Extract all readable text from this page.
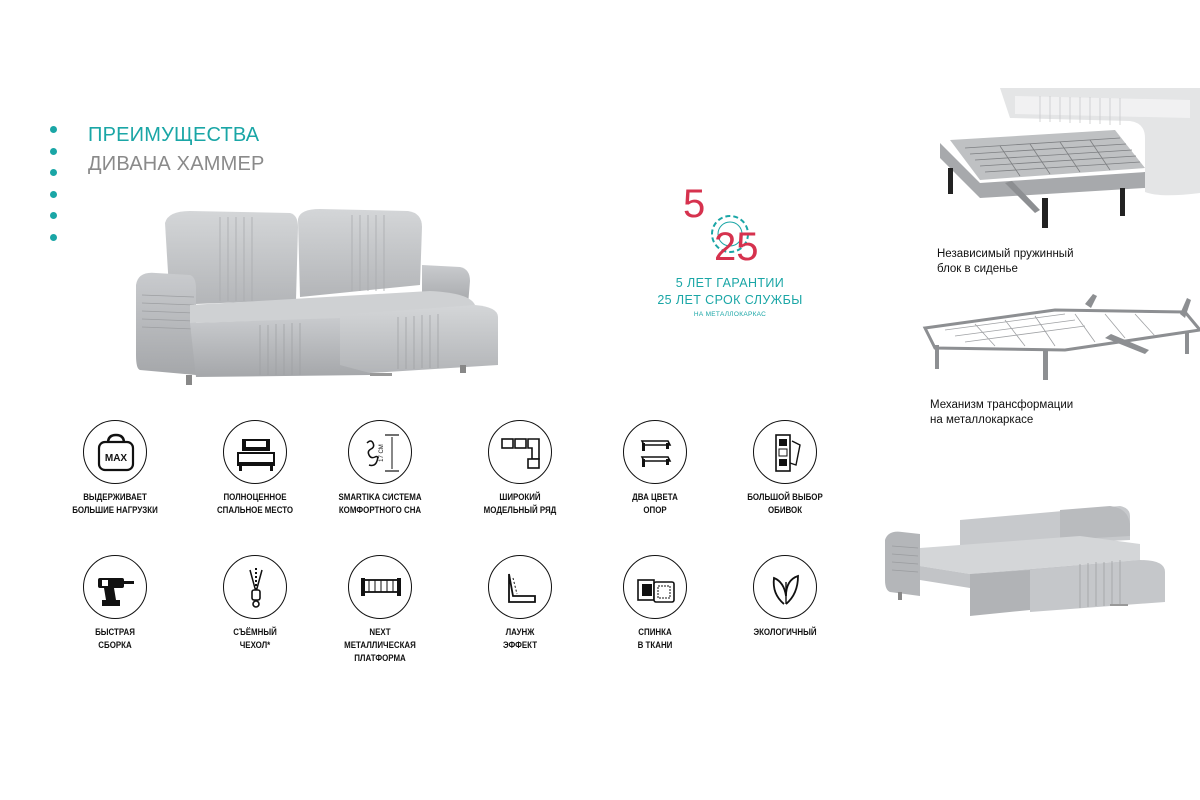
ПРЕИМУЩЕСТВА
ДИВАНА ХАММЕР
5
25
5 ЛЕТ ГАРАНТИИ
25 ЛЕТ СРОК СЛУЖБЫ
НА МЕТАЛЛОКАРКАС
Независимый пружинный
блок в сиденье
Механизм трансформации
на металлокаркасе
MAX
ВЫДЕРЖИВАЕТ
БОЛЬШИЕ НАГРУЗКИ
ПОЛНОЦЕННОЕ
СПАЛЬНОЕ МЕСТО
17 СМ
SMARTIKA СИСТЕМА
КОМФОРТНОГО СНА
ШИРОКИЙ
МОДЕЛЬНЫЙ РЯД
ДВА ЦВЕТА
ОПОР
БОЛЬШОЙ ВЫБОР
ОБИВОК
БЫСТРАЯ
СБОРКА
СЪЁМНЫЙ
ЧЕХОЛ*
NEXT
МЕТАЛЛИЧЕСКАЯ
ПЛАТФОРМА
ЛАУНЖ
ЭФФЕКТ
СПИНКА
В ТКАНИ
ЭКОЛОГИЧНЫЙ
